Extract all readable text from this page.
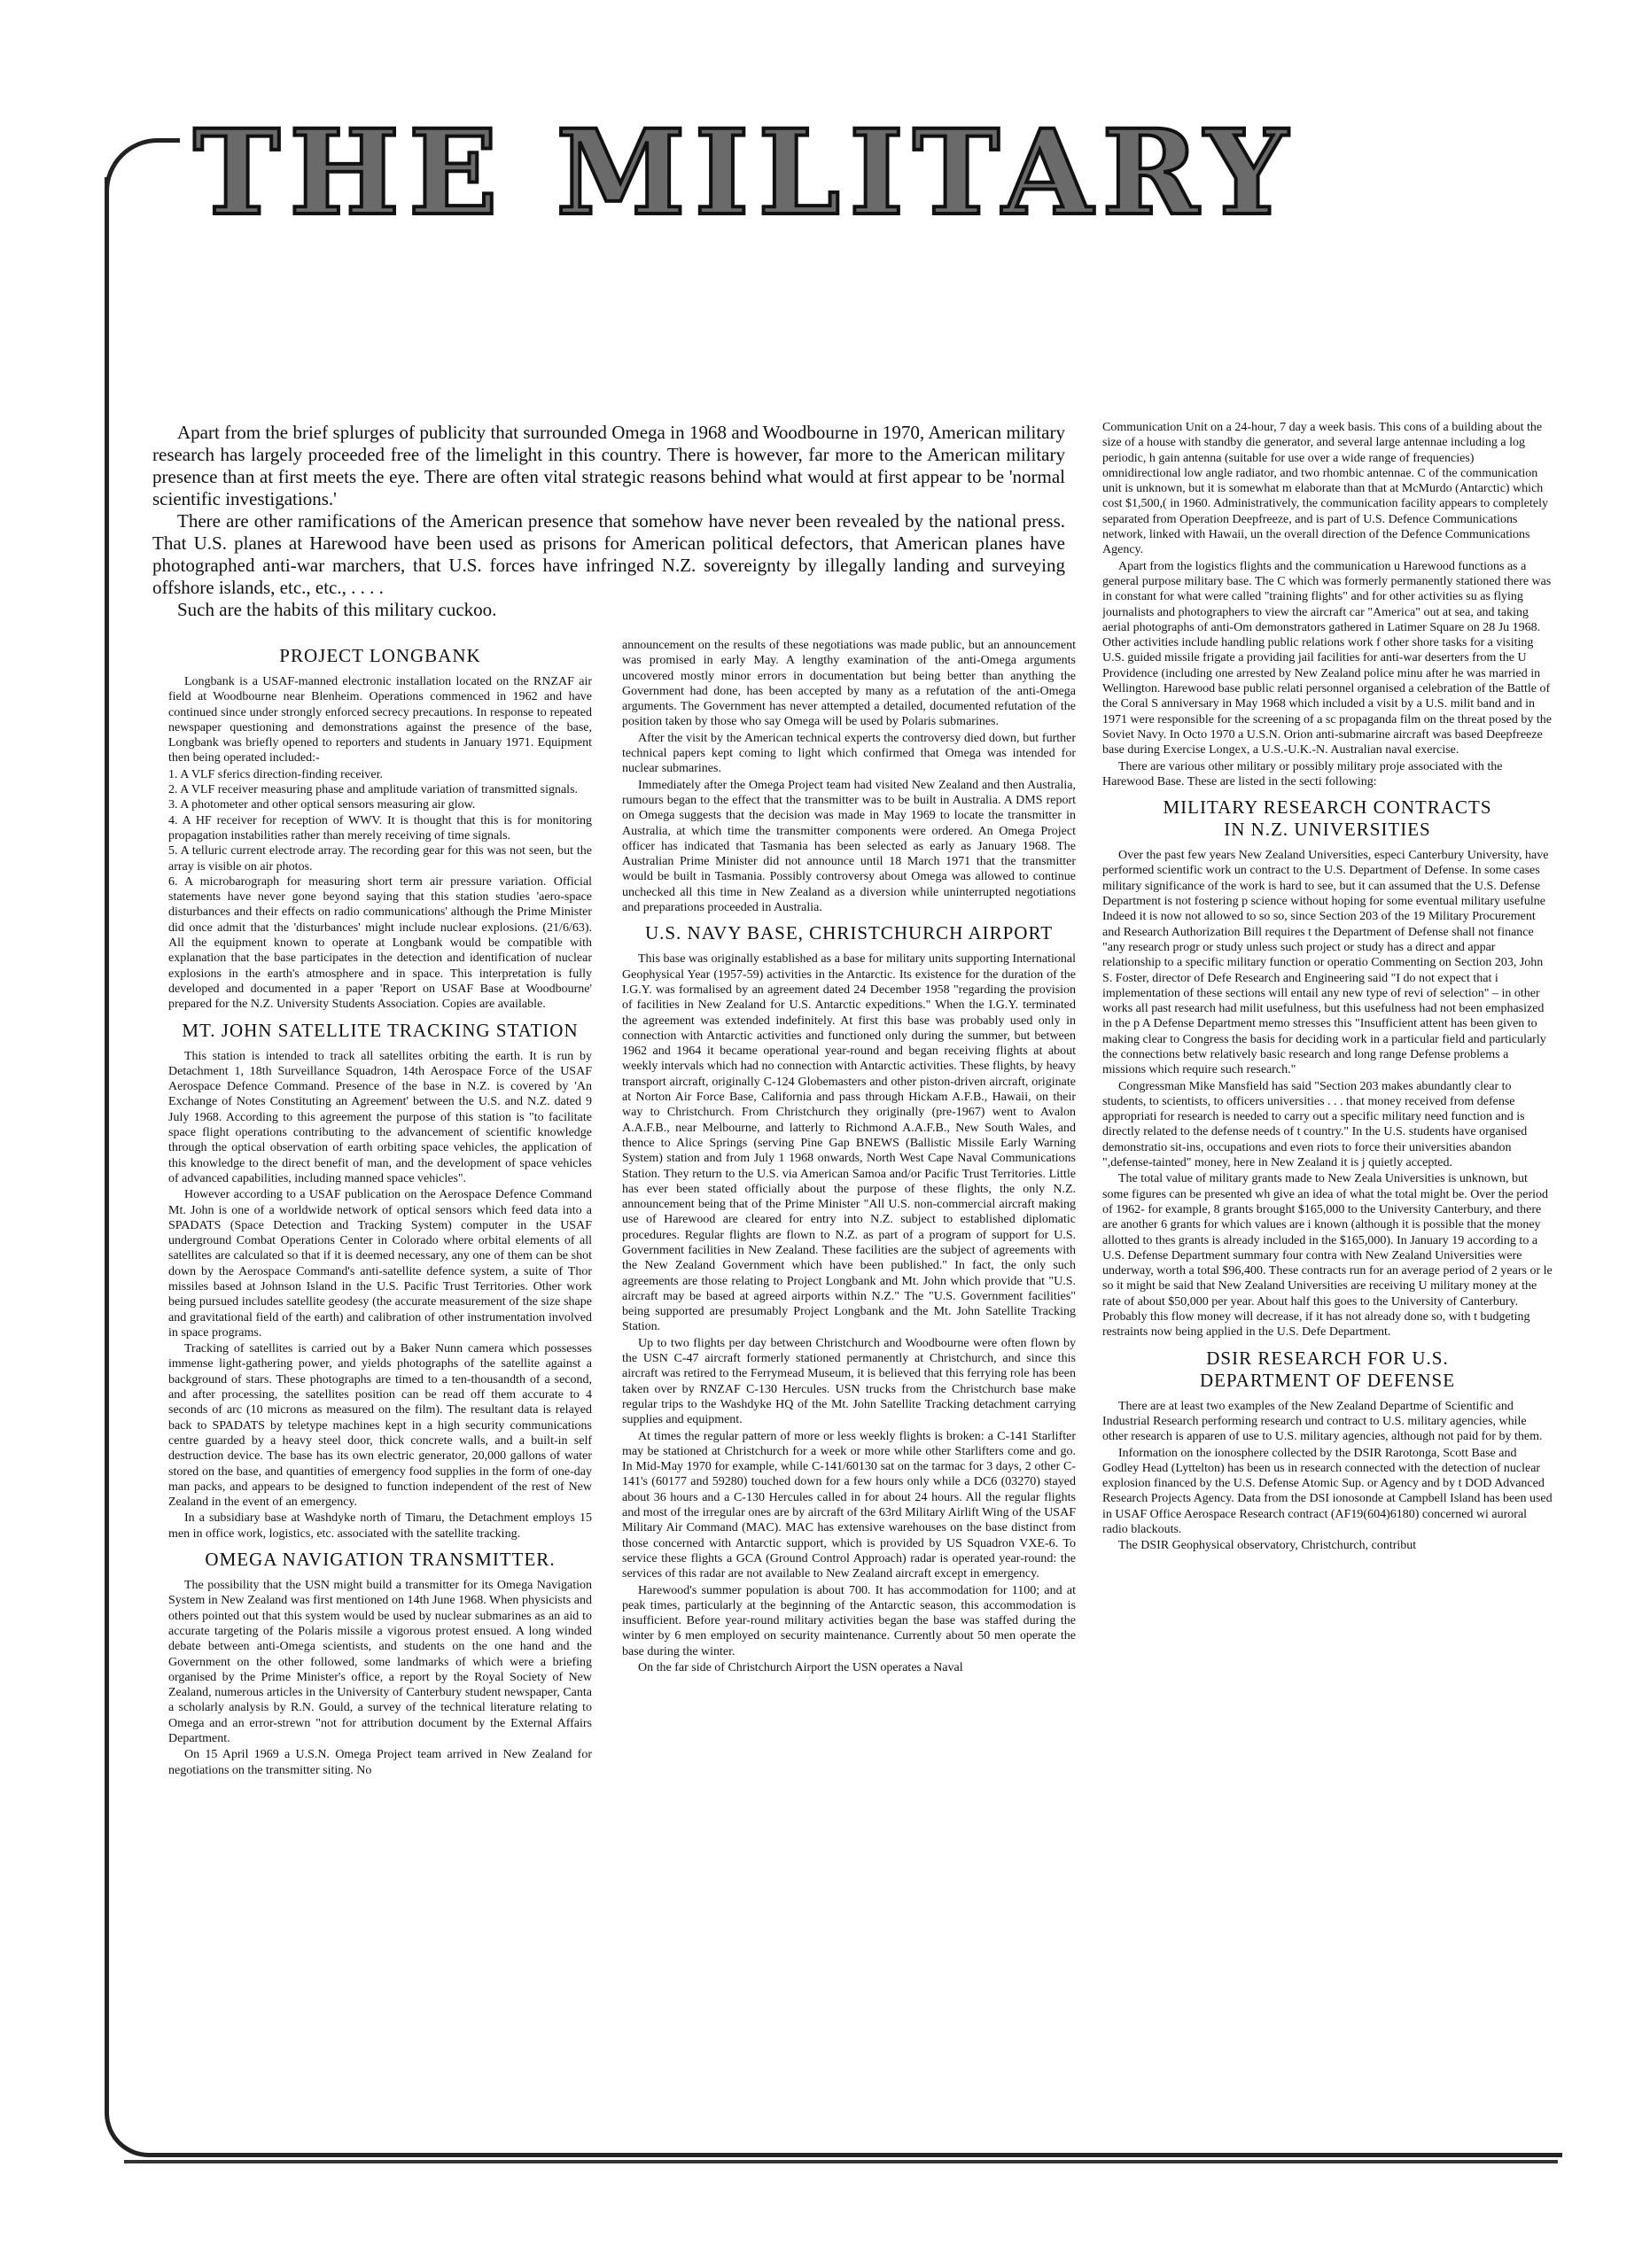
THE MILITARY

Apart from the brief splurges of publicity that surrounded Omega in 1968 and Woodbourne in 1970, American military research has largely proceeded free of the limelight in this country. There is however, far more to the American military presence than at first meets the eye. There are often vital strategic reasons behind what would at first appear to be 'normal scientific investigations.'

There are other ramifications of the American presence that somehow have never been revealed by the national press. That U.S. planes at Harewood have been used as prisons for American political defectors, that American planes have photographed anti-war marchers, that U.S. forces have infringed N.Z. sovereignty by illegally landing and surveying offshore islands, etc., etc., . . . .

Such are the habits of this military cuckoo.

PROJECT LONGBANK

Longbank is a USAF-manned electronic installation located on the RNZAF air field at Woodbourne near Blenheim. Operations commenced in 1962 and have continued since under strongly enforced secrecy precautions. In response to repeated newspaper questioning and demonstrations against the presence of the base, Longbank was briefly opened to reporters and students in January 1971. Equipment then being operated included:-

1. A VLF sferics direction-finding receiver.
2. A VLF receiver measuring phase and amplitude variation of transmitted signals.
3. A photometer and other optical sensors measuring air glow.
4. A HF receiver for reception of WWV. It is thought that this is for monitoring propagation instabilities rather than merely receiving of time signals.
5. A telluric current electrode array. The recording gear for this was not seen, but the array is visible on air photos.
6. A microbarograph for measuring short term air pressure variation. Official statements have never gone beyond saying that this station studies 'aero-space disturbances and their effects on radio communications' although the Prime Minister did once admit that the 'disturbances' might include nuclear explosions. (21/6/63). All the equipment known to operate at Longbank would be compatible with explanation that the base participates in the detection and identification of nuclear explosions in the earth's atmosphere and in space. This interpretation is fully developed and documented in a paper 'Report on USAF Base at Woodbourne' prepared for the N.Z. University Students Association. Copies are available.
MT. JOHN SATELLITE TRACKING STATION

This station is intended to track all satellites orbiting the earth. It is run by Detachment 1, 18th Surveillance Squadron, 14th Aerospace Force of the USAF Aerospace Defence Command. Presence of the base in N.Z. is covered by 'An Exchange of Notes Constituting an Agreement' between the U.S. and N.Z. dated 9 July 1968. According to this agreement the purpose of this station is "to facilitate space flight operations contributing to the advancement of scientific knowledge through the optical observation of earth orbiting space vehicles, the application of this knowledge to the direct benefit of man, and the development of space vehicles of advanced capabilities, including manned space vehicles".

However according to a USAF publication on the Aerospace Defence Command Mt. John is one of a worldwide network of optical sensors which feed data into a SPADATS (Space Detection and Tracking System) computer in the USAF underground Combat Operations Center in Colorado where orbital elements of all satellites are calculated so that if it is deemed necessary, any one of them can be shot down by the Aerospace Command's anti-satellite defence system, a suite of Thor missiles based at Johnson Island in the U.S. Pacific Trust Territories. Other work being pursued includes satellite geodesy (the accurate measurement of the size shape and gravitational field of the earth) and calibration of other instrumentation involved in space programs.

Tracking of satellites is carried out by a Baker Nunn camera which possesses immense light-gathering power, and yields photographs of the satellite against a background of stars. These photographs are timed to a ten-thousandth of a second, and after processing, the satellites position can be read off them accurate to 4 seconds of arc (10 microns as measured on the film). The resultant data is relayed back to SPADATS by teletype machines kept in a high security communications centre guarded by a heavy steel door, thick concrete walls, and a built-in self destruction device. The base has its own electric generator, 20,000 gallons of water stored on the base, and quantities of emergency food supplies in the form of one-day man packs, and appears to be designed to function independent of the rest of New Zealand in the event of an emergency.

In a subsidiary base at Washdyke north of Timaru, the Detachment employs 15 men in office work, logistics, etc. associated with the satellite tracking.

OMEGA NAVIGATION TRANSMITTER.

The possibility that the USN might build a transmitter for its Omega Navigation System in New Zealand was first mentioned on 14th June 1968. When physicists and others pointed out that this system would be used by nuclear submarines as an aid to accurate targeting of the Polaris missile a vigorous protest ensued. A long winded debate between anti-Omega scientists, and students on the one hand and the Government on the other followed, some landmarks of which were a briefing organised by the Prime Minister's office, a report by the Royal Society of New Zealand, numerous articles in the University of Canterbury student newspaper, Canta a scholarly analysis by R.N. Gould, a survey of the technical literature relating to Omega and an error-strewn "not for attribution document by the External Affairs Department.

On 15 April 1969 a U.S.N. Omega Project team arrived in New Zealand for negotiations on the transmitter siting. No

announcement on the results of these negotiations was made public, but an announcement was promised in early May. A lengthy examination of the anti-Omega arguments uncovered mostly minor errors in documentation but being better than anything the Government had done, has been accepted by many as a refutation of the anti-Omega arguments. The Government has never attempted a detailed, documented refutation of the position taken by those who say Omega will be used by Polaris submarines.

After the visit by the American technical experts the controversy died down, but further technical papers kept coming to light which confirmed that Omega was intended for nuclear submarines.

Immediately after the Omega Project team had visited New Zealand and then Australia, rumours began to the effect that the transmitter was to be built in Australia. A DMS report on Omega suggests that the decision was made in May 1969 to locate the transmitter in Australia, at which time the transmitter components were ordered. An Omega Project officer has indicated that Tasmania has been selected as early as January 1968. The Australian Prime Minister did not announce until 18 March 1971 that the transmitter would be built in Tasmania. Possibly controversy about Omega was allowed to continue unchecked all this time in New Zealand as a diversion while uninterrupted negotiations and preparations proceeded in Australia.

U.S. NAVY BASE, CHRISTCHURCH AIRPORT

This base was originally established as a base for military units supporting International Geophysical Year (1957-59) activities in the Antarctic. Its existence for the duration of the I.G.Y. was formalised by an agreement dated 24 December 1958 "regarding the provision of facilities in New Zealand for U.S. Antarctic expeditions." When the I.G.Y. terminated the agreement was extended indefinitely. At first this base was probably used only in connection with Antarctic activities and functioned only during the summer, but between 1962 and 1964 it became operational year-round and began receiving flights at about weekly intervals which had no connection with Antarctic activities. These flights, by heavy transport aircraft, originally C-124 Globemasters and other piston-driven aircraft, originate at Norton Air Force Base, California and pass through Hickam A.F.B., Hawaii, on their way to Christchurch. From Christchurch they originally (pre-1967) went to Avalon A.A.F.B., near Melbourne, and latterly to Richmond A.A.F.B., New South Wales, and thence to Alice Springs (serving Pine Gap BNEWS (Ballistic Missile Early Warning System) station and from July 1 1968 onwards, North West Cape Naval Communications Station. They return to the U.S. via American Samoa and/or Pacific Trust Territories. Little has ever been stated officially about the purpose of these flights, the only N.Z. announcement being that of the Prime Minister "All U.S. non-commercial aircraft making use of Harewood are cleared for entry into N.Z. subject to established diplomatic procedures. Regular flights are flown to N.Z. as part of a program of support for U.S. Government facilities in New Zealand. These facilities are the subject of agreements with the New Zealand Government which have been published." In fact, the only such agreements are those relating to Project Longbank and Mt. John which provide that "U.S. aircraft may be based at agreed airports within N.Z." The "U.S. Government facilities" being supported are presumably Project Longbank and the Mt. John Satellite Tracking Station.

Up to two flights per day between Christchurch and Woodbourne were often flown by the USN C-47 aircraft formerly stationed permanently at Christchurch, and since this aircraft was retired to the Ferrymead Museum, it is believed that this ferrying role has been taken over by RNZAF C-130 Hercules. USN trucks from the Christchurch base make regular trips to the Washdyke HQ of the Mt. John Satellite Tracking detachment carrying supplies and equipment.

At times the regular pattern of more or less weekly flights is broken: a C-141 Starlifter may be stationed at Christchurch for a week or more while other Starlifters come and go. In Mid-May 1970 for example, while C-141/60130 sat on the tarmac for 3 days, 2 other C-141's (60177 and 59280) touched down for a few hours only while a DC6 (03270) stayed about 36 hours and a C-130 Hercules called in for about 24 hours. All the regular flights and most of the irregular ones are by aircraft of the 63rd Military Airlift Wing of the USAF Military Air Command (MAC). MAC has extensive warehouses on the base distinct from those concerned with Antarctic support, which is provided by US Squadron VXE-6. To service these flights a GCA (Ground Control Approach) radar is operated year-round: the services of this radar are not available to New Zealand aircraft except in emergency.

Harewood's summer population is about 700. It has accommodation for 1100; and at peak times, particularly at the beginning of the Antarctic season, this accommodation is insufficient. Before year-round military activities began the base was staffed during the winter by 6 men employed on security maintenance. Currently about 50 men operate the base during the winter.

On the far side of Christchurch Airport the USN operates a Naval

Communication Unit on a 24-hour, 7 day a week basis. This cons of a building about the size of a house with standby die generator, and several large antennae including a log periodic, h gain antenna (suitable for use over a wide range of frequencies) omnidirectional low angle radiator, and two rhombic antennae. C of the communication unit is unknown, but it is somewhat m elaborate than that at McMurdo (Antarctic) which cost $1,500,( in 1960. Administratively, the communication facility appears to completely separated from Operation Deepfreeze, and is part of U.S. Defence Communications network, linked with Hawaii, un the overall direction of the Defence Communications Agency.

Apart from the logistics flights and the communication u Harewood functions as a general purpose military base. The C which was formerly permanently stationed there was in constant for what were called "training flights" and for other activities su as flying journalists and photographers to view the aircraft car "America" out at sea, and taking aerial photographs of anti-Om demonstrators gathered in Latimer Square on 28 Ju 1968. Other activities include handling public relations work f other shore tasks for a visiting U.S. guided missile frigate a providing jail facilities for anti-war deserters from the U Providence (including one arrested by New Zealand police minu after he was married in Wellington. Harewood base public relati personnel organised a celebration of the Battle of the Coral S anniversary in May 1968 which included a visit by a U.S. milit band and in 1971 were responsible for the screening of a sc propaganda film on the threat posed by the Soviet Navy. In Octo 1970 a U.S.N. Orion anti-submarine aircraft was based Deepfreeze base during Exercise Longex, a U.S.-U.K.-N. Australian naval exercise.

There are various other military or possibly military proje associated with the Harewood Base. These are listed in the secti following:

MILITARY RESEARCH CONTRACTS
IN N.Z. UNIVERSITIES

Over the past few years New Zealand Universities, especi Canterbury University, have performed scientific work un contract to the U.S. Department of Defense. In some cases military significance of the work is hard to see, but it can assumed that the U.S. Defense Department is not fostering p science without hoping for some eventual military usefulne Indeed it is now not allowed to so so, since Section 203 of the 19 Military Procurement and Research Authorization Bill requires t the Department of Defense shall not finance "any research progr or study unless such project or study has a direct and appar relationship to a specific military function or operatio Commenting on Section 203, John S. Foster, director of Defe Research and Engineering said "I do not expect that i implementation of these sections will entail any new type of revi of selection" – in other works all past research had milit usefulness, but this usefulness had not been emphasized in the p A Defense Department memo stresses this "Insufficient attent has been given to making clear to Congress the basis for deciding work in a particular field and particularly the connections betw relatively basic research and long range Defense problems a missions which require such research."

Congressman Mike Mansfield has said "Section 203 makes abundantly clear to students, to scientists, to officers universities . . . that money received from defense appropriati for research is needed to carry out a specific military need function and is directly related to the defense needs of t country." In the U.S. students have organised demonstratio sit-ins, occupations and even riots to force their universities abandon ",defense-tainted" money, here in New Zealand it is j quietly accepted.

The total value of military grants made to New Zeala Universities is unknown, but some figures can be presented wh give an idea of what the total might be. Over the period of 1962- for example, 8 grants brought $165,000 to the University Canterbury, and there are another 6 grants for which values are i known (although it is possible that the money allotted to thes grants is already included in the $165,000). In January 19 according to a U.S. Defense Department summary four contra with New Zealand Universities were underway, worth a total $96,400. These contracts run for an average period of 2 years or le so it might be said that New Zealand Universities are receiving U military money at the rate of about $50,000 per year. About half this goes to the University of Canterbury. Probably this flow money will decrease, if it has not already done so, with t budgeting restraints now being applied in the U.S. Defe Department.

DSIR RESEARCH FOR U.S.
DEPARTMENT OF DEFENSE

There are at least two examples of the New Zealand Departme of Scientific and Industrial Research performing research und contract to U.S. military agencies, while other research is apparen of use to U.S. military agencies, although not paid for by them.

Information on the ionosphere collected by the DSIR Rarotonga, Scott Base and Godley Head (Lyttelton) has been us in research connected with the detection of nuclear explosion financed by the U.S. Defense Atomic Sup. or Agency and by t DOD Advanced Research Projects Agency. Data from the DSI ionosonde at Campbell Island has been used in USAF Office Aerospace Research contract (AF19(604)6180) concerned wi auroral radio blackouts.

The DSIR Geophysical observatory, Christchurch, contribut
